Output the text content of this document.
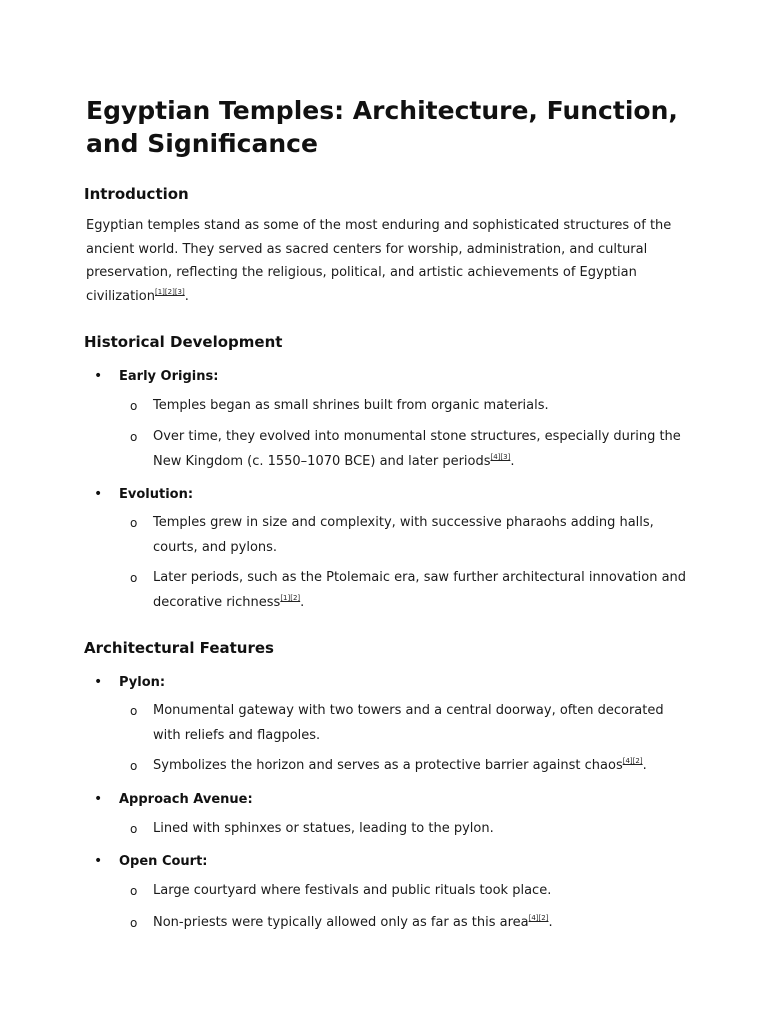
Egyptian Temples: Architecture, Function, and Significance
Introduction

Egyptian temples stand as some of the most enduring and sophisticated structures of the ancient world. They served as sacred centers for worship, administration, and cultural preservation, reflecting the religious, political, and artistic achievements of Egyptian civilization[1][2][3].

Historical Development
• Early Origins:
o Temples began as small shrines built from organic materials.
o Over time, they evolved into monumental stone structures, especially during the New Kingdom (c. 1550–1070 BCE) and later periods[4][3].
• Evolution:
o Temples grew in size and complexity, with successive pharaohs adding halls, courts, and pylons.
o Later periods, such as the Ptolemaic era, saw further architectural innovation and decorative richness[1][2].
Architectural Features
• Pylon:
o Monumental gateway with two towers and a central doorway, often decorated with reliefs and flagpoles.
o Symbolizes the horizon and serves as a protective barrier against chaos[4][2].
• Approach Avenue:
o Lined with sphinxes or statues, leading to the pylon.
• Open Court:
o Large courtyard where festivals and public rituals took place.
o Non-priests were typically allowed only as far as this area[4][2].
